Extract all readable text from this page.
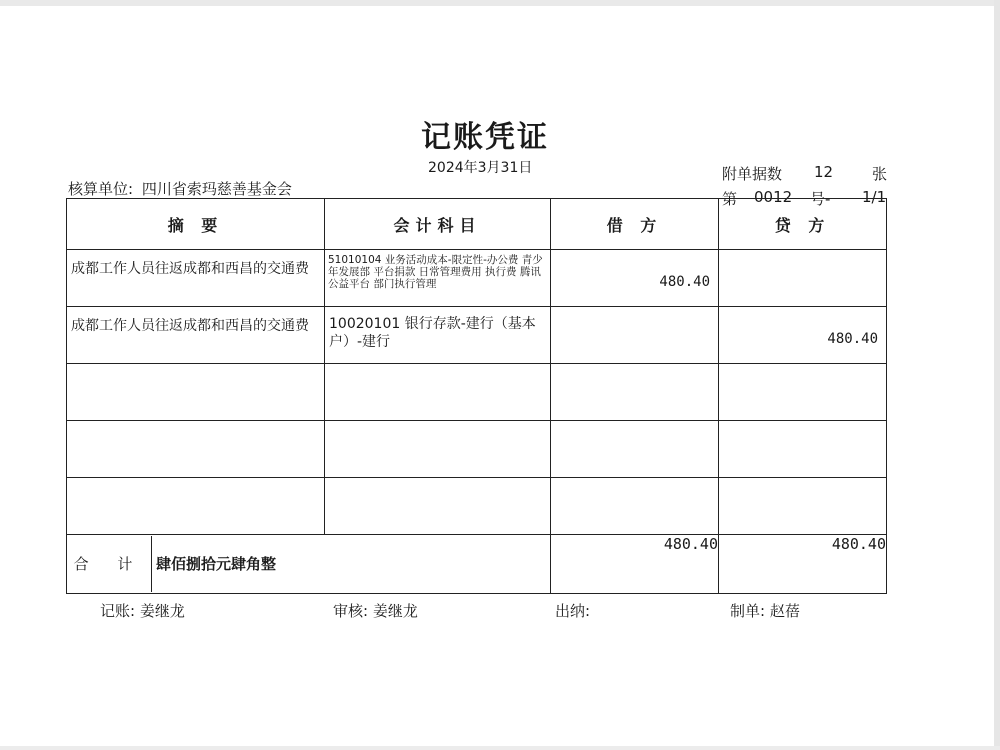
记账凭证
2024年3月31日
核算单位: 四川省索玛慈善基金会
附单据数 12	张
第 0012 号- 1/1
摘 要	会计科目	借 方	贷 方

成都工作人员往返成都和西昌的交通费	51010104 业务活动成本-限定性-办公费 青少年发展部 平台捐款 日常管理费用 执行费 腾讯公益平台 部门执行管理	480.40	

成都工作人员往返成都和西昌的交通费	10020101 银行存款-建行（基本户）-建行		480.40

合 计 肆佰捌拾元肆角整		480.40	480.40
记账: 姜继龙	审核: 姜继龙	出纳:	制单: 赵蓓
